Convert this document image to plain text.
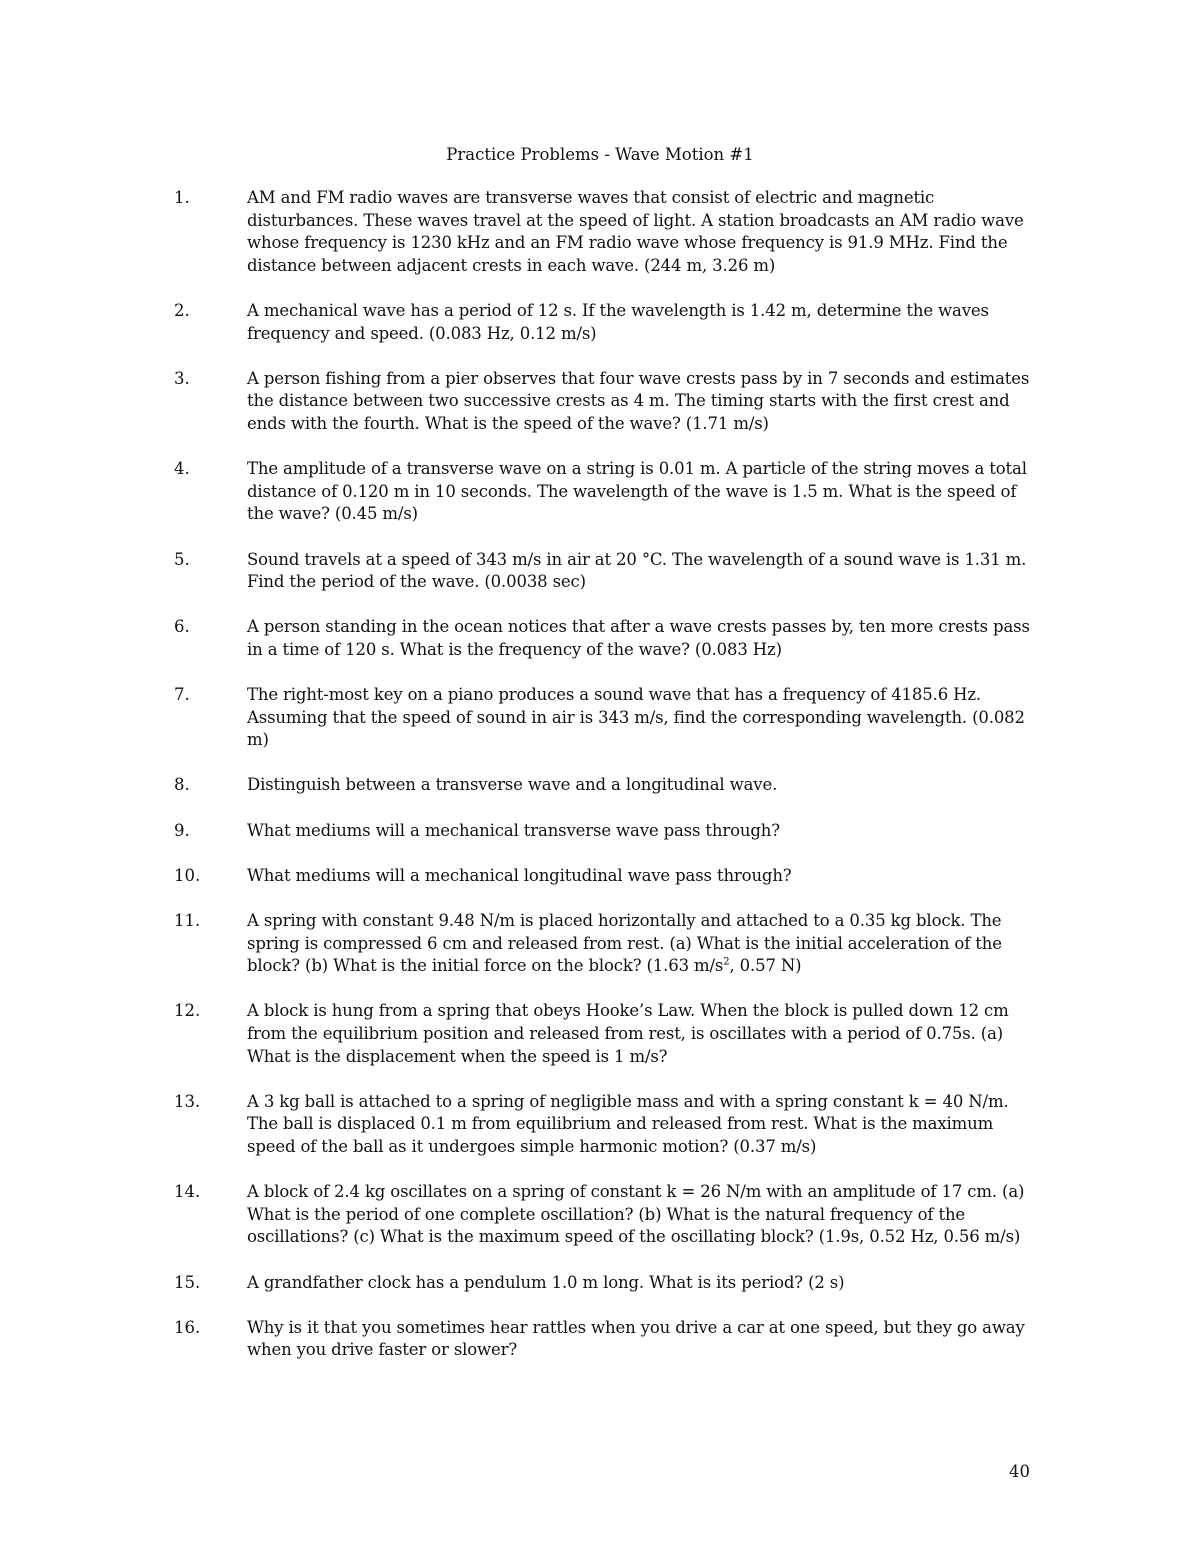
Practice Problems - Wave Motion #1
1.	AM and FM radio waves are transverse waves that consist of electric and magnetic disturbances. These waves travel at the speed of light. A station broadcasts an AM radio wave whose frequency is 1230 kHz and an FM radio wave whose frequency is 91.9 MHz. Find the distance between adjacent crests in each wave. (244 m, 3.26 m)
2.	A mechanical wave has a period of 12 s. If the wavelength is 1.42 m, determine the waves frequency and speed. (0.083 Hz, 0.12 m/s)
3.	A person fishing from a pier observes that four wave crests pass by in 7 seconds and estimates the distance between two successive crests as 4 m. The timing starts with the first crest and ends with the fourth. What is the speed of the wave? (1.71 m/s)
4.	The amplitude of a transverse wave on a string is 0.01 m. A particle of the string moves a total distance of 0.120 m in 10 seconds. The wavelength of the wave is 1.5 m. What is the speed of the wave? (0.45 m/s)
5.	Sound travels at a speed of 343 m/s in air at 20 °C. The wavelength of a sound wave is 1.31 m. Find the period of the wave. (0.0038 sec)
6.	A person standing in the ocean notices that after a wave crests passes by, ten more crests pass in a time of 120 s. What is the frequency of the wave? (0.083 Hz)
7.	The right-most key on a piano produces a sound wave that has a frequency of 4185.6 Hz. Assuming that the speed of sound in air is 343 m/s, find the corresponding wavelength. (0.082 m)
8.	Distinguish between a transverse wave and a longitudinal wave.
9.	What mediums will a mechanical transverse wave pass through?
10.	What mediums will a mechanical longitudinal wave pass through?
11.	A spring with constant 9.48 N/m is placed horizontally and attached to a 0.35 kg block. The spring is compressed 6 cm and released from rest. (a) What is the initial acceleration of the block? (b) What is the initial force on the block? (1.63 $m/s^2$, 0.57 N)
12.	A block is hung from a spring that obeys Hooke’s Law. When the block is pulled down 12 cm from the equilibrium position and released from rest, is oscillates with a period of 0.75s. (a) What is the displacement when the speed is 1 m/s?
13.	A 3 kg ball is attached to a spring of negligible mass and with a spring constant k = 40 N/m. The ball is displaced 0.1 m from equilibrium and released from rest. What is the maximum speed of the ball as it undergoes simple harmonic motion? (0.37 m/s)
14.	A block of 2.4 kg oscillates on a spring of constant k = 26 N/m with an amplitude of 17 cm. (a) What is the period of one complete oscillation? (b) What is the natural frequency of the oscillations? (c) What is the maximum speed of the oscillating block? (1.9s, 0.52 Hz, 0.56 m/s)
15.	A grandfather clock has a pendulum 1.0 m long. What is its period? (2 s)
16.	Why is it that you sometimes hear rattles when you drive a car at one speed, but they go away when you drive faster or slower?
40
